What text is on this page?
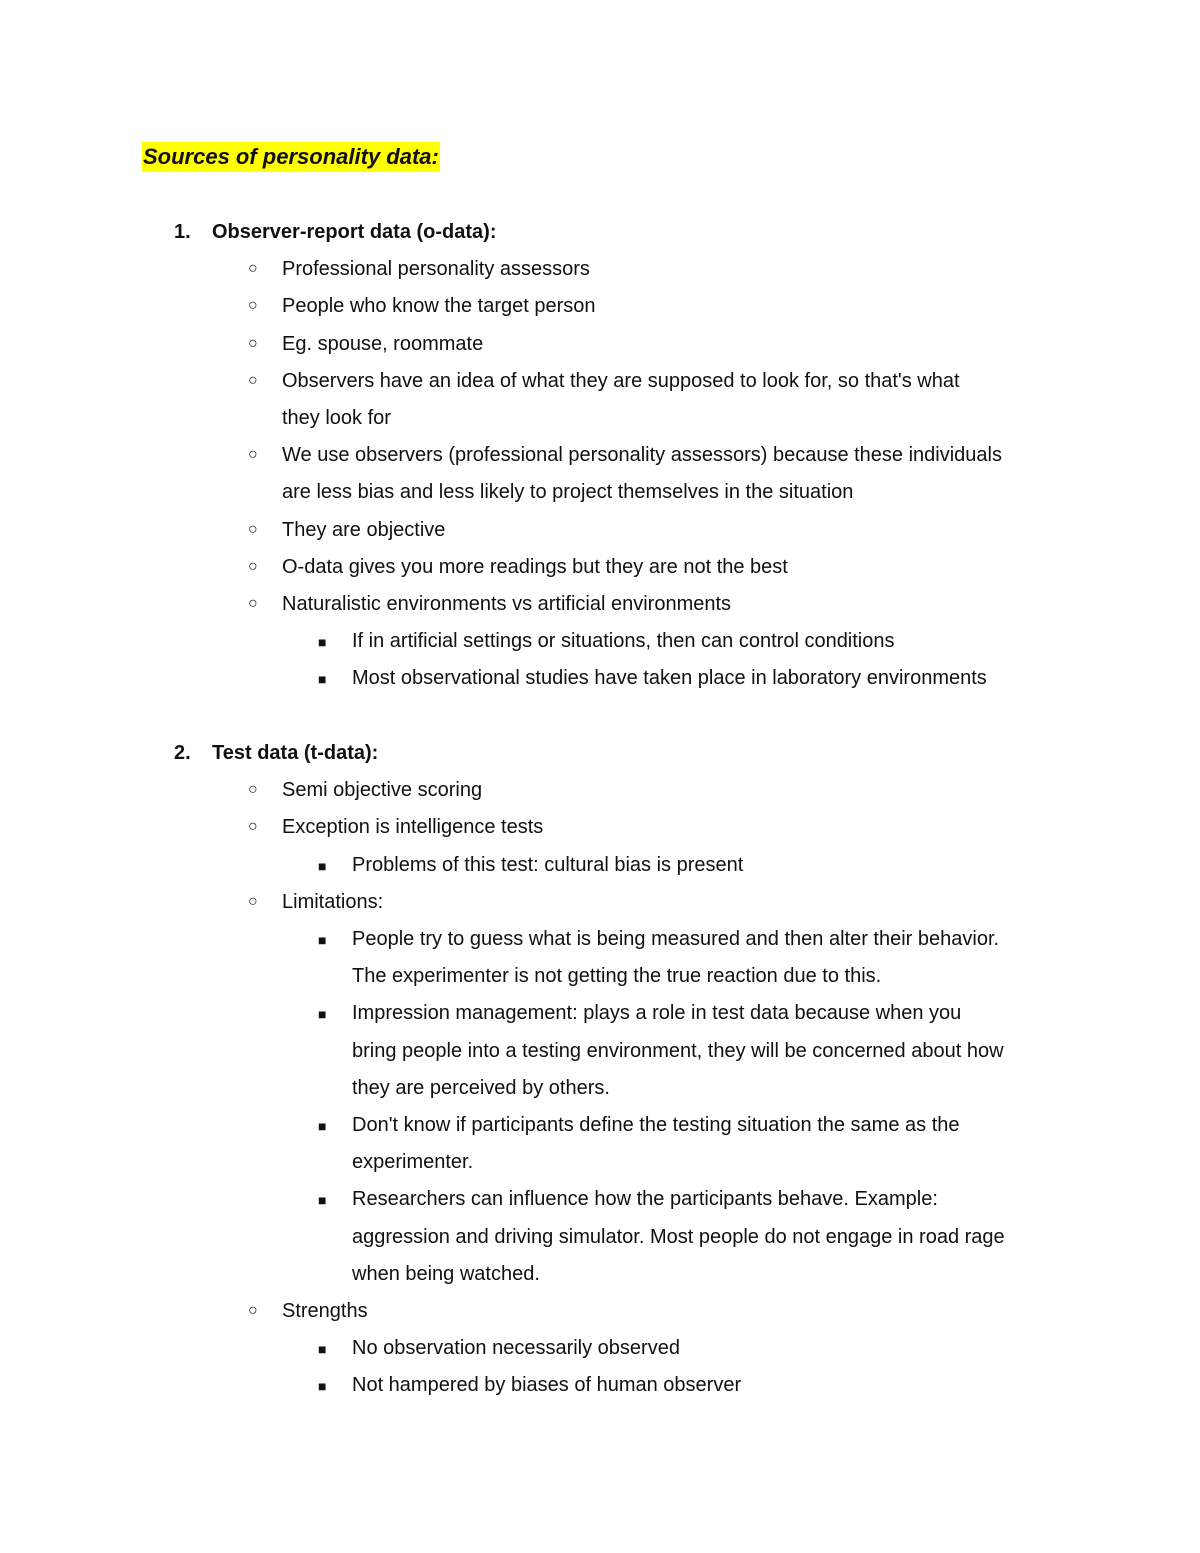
Sources of personality data:
1. Observer-report data (o-data):
○ Professional personality assessors
○ People who know the target person
○ Eg. spouse, roommate
○ Observers have an idea of what they are supposed to look for, so that's what
they look for
○ We use observers (professional personality assessors) because these individuals
are less bias and less likely to project themselves in the situation
○ They are objective
○ O-data gives you more readings but they are not the best
○ Naturalistic environments vs artificial environments
■ If in artificial settings or situations, then can control conditions
■ Most observational studies have taken place in laboratory environments
2. Test data (t-data):
○ Semi objective scoring
○ Exception is intelligence tests
■ Problems of this test: cultural bias is present
○ Limitations:
■ People try to guess what is being measured and then alter their behavior.
The experimenter is not getting the true reaction due to this.
■ Impression management: plays a role in test data because when you
bring people into a testing environment, they will be concerned about how
they are perceived by others.
■ Don't know if participants define the testing situation the same as the
experimenter.
■ Researchers can influence how the participants behave. Example:
aggression and driving simulator. Most people do not engage in road rage
when being watched.
○ Strengths
■ No observation necessarily observed
■ Not hampered by biases of human observer
